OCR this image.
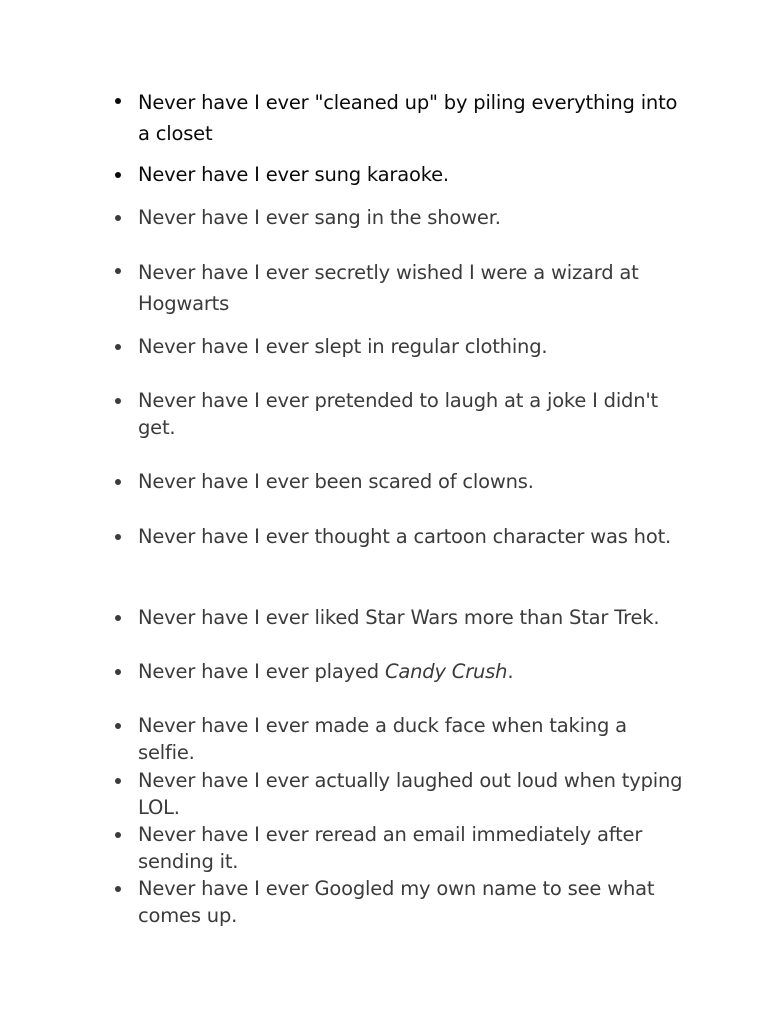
Never have I ever "cleaned up" by piling everything into a closet
Never have I ever sung karaoke.
Never have I ever sang in the shower.
Never have I ever secretly wished I were a wizard at Hogwarts
Never have I ever slept in regular clothing.
Never have I ever pretended to laugh at a joke I didn't get.
Never have I ever been scared of clowns.
Never have I ever thought a cartoon character was hot.
Never have I ever liked Star Wars more than Star Trek.
Never have I ever played Candy Crush.
Never have I ever made a duck face when taking a selfie.
Never have I ever actually laughed out loud when typing LOL.
Never have I ever reread an email immediately after sending it.
Never have I ever Googled my own name to see what comes up.
